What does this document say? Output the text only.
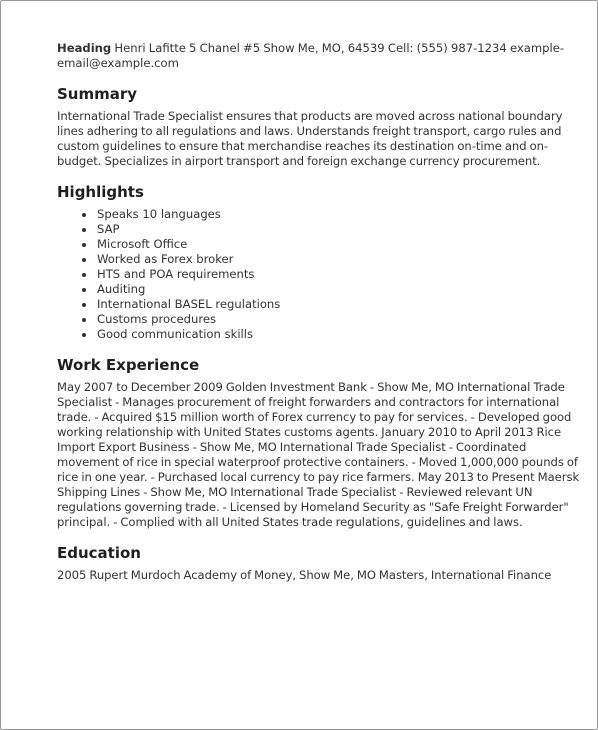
Heading Henri Lafitte 5 Chanel #5 Show Me, MO, 64539 Cell: (555) 987-1234 example-email@example.com

Summary

International Trade Specialist ensures that products are moved across national boundary lines adhering to all regulations and laws. Understands freight transport, cargo rules and custom guidelines to ensure that merchandise reaches its destination on-time and on-budget. Specializes in airport transport and foreign exchange currency procurement.

Highlights
Speaks 10 languages
SAP
Microsoft Office
Worked as Forex broker
HTS and POA requirements
Auditing
International BASEL regulations
Customs procedures
Good communication skills
Work Experience

May 2007 to December 2009 Golden Investment Bank - Show Me, MO International Trade Specialist - Manages procurement of freight forwarders and contractors for international trade. - Acquired $15 million worth of Forex currency to pay for services. - Developed good working relationship with United States customs agents. January 2010 to April 2013 Rice Import Export Business - Show Me, MO International Trade Specialist - Coordinated movement of rice in special waterproof protective containers. - Moved 1,000,000 pounds of rice in one year. - Purchased local currency to pay rice farmers. May 2013 to Present Maersk Shipping Lines - Show Me, MO International Trade Specialist - Reviewed relevant UN regulations governing trade. - Licensed by Homeland Security as "Safe Freight Forwarder" principal. - Complied with all United States trade regulations, guidelines and laws.

Education

2005 Rupert Murdoch Academy of Money, Show Me, MO Masters, International Finance
